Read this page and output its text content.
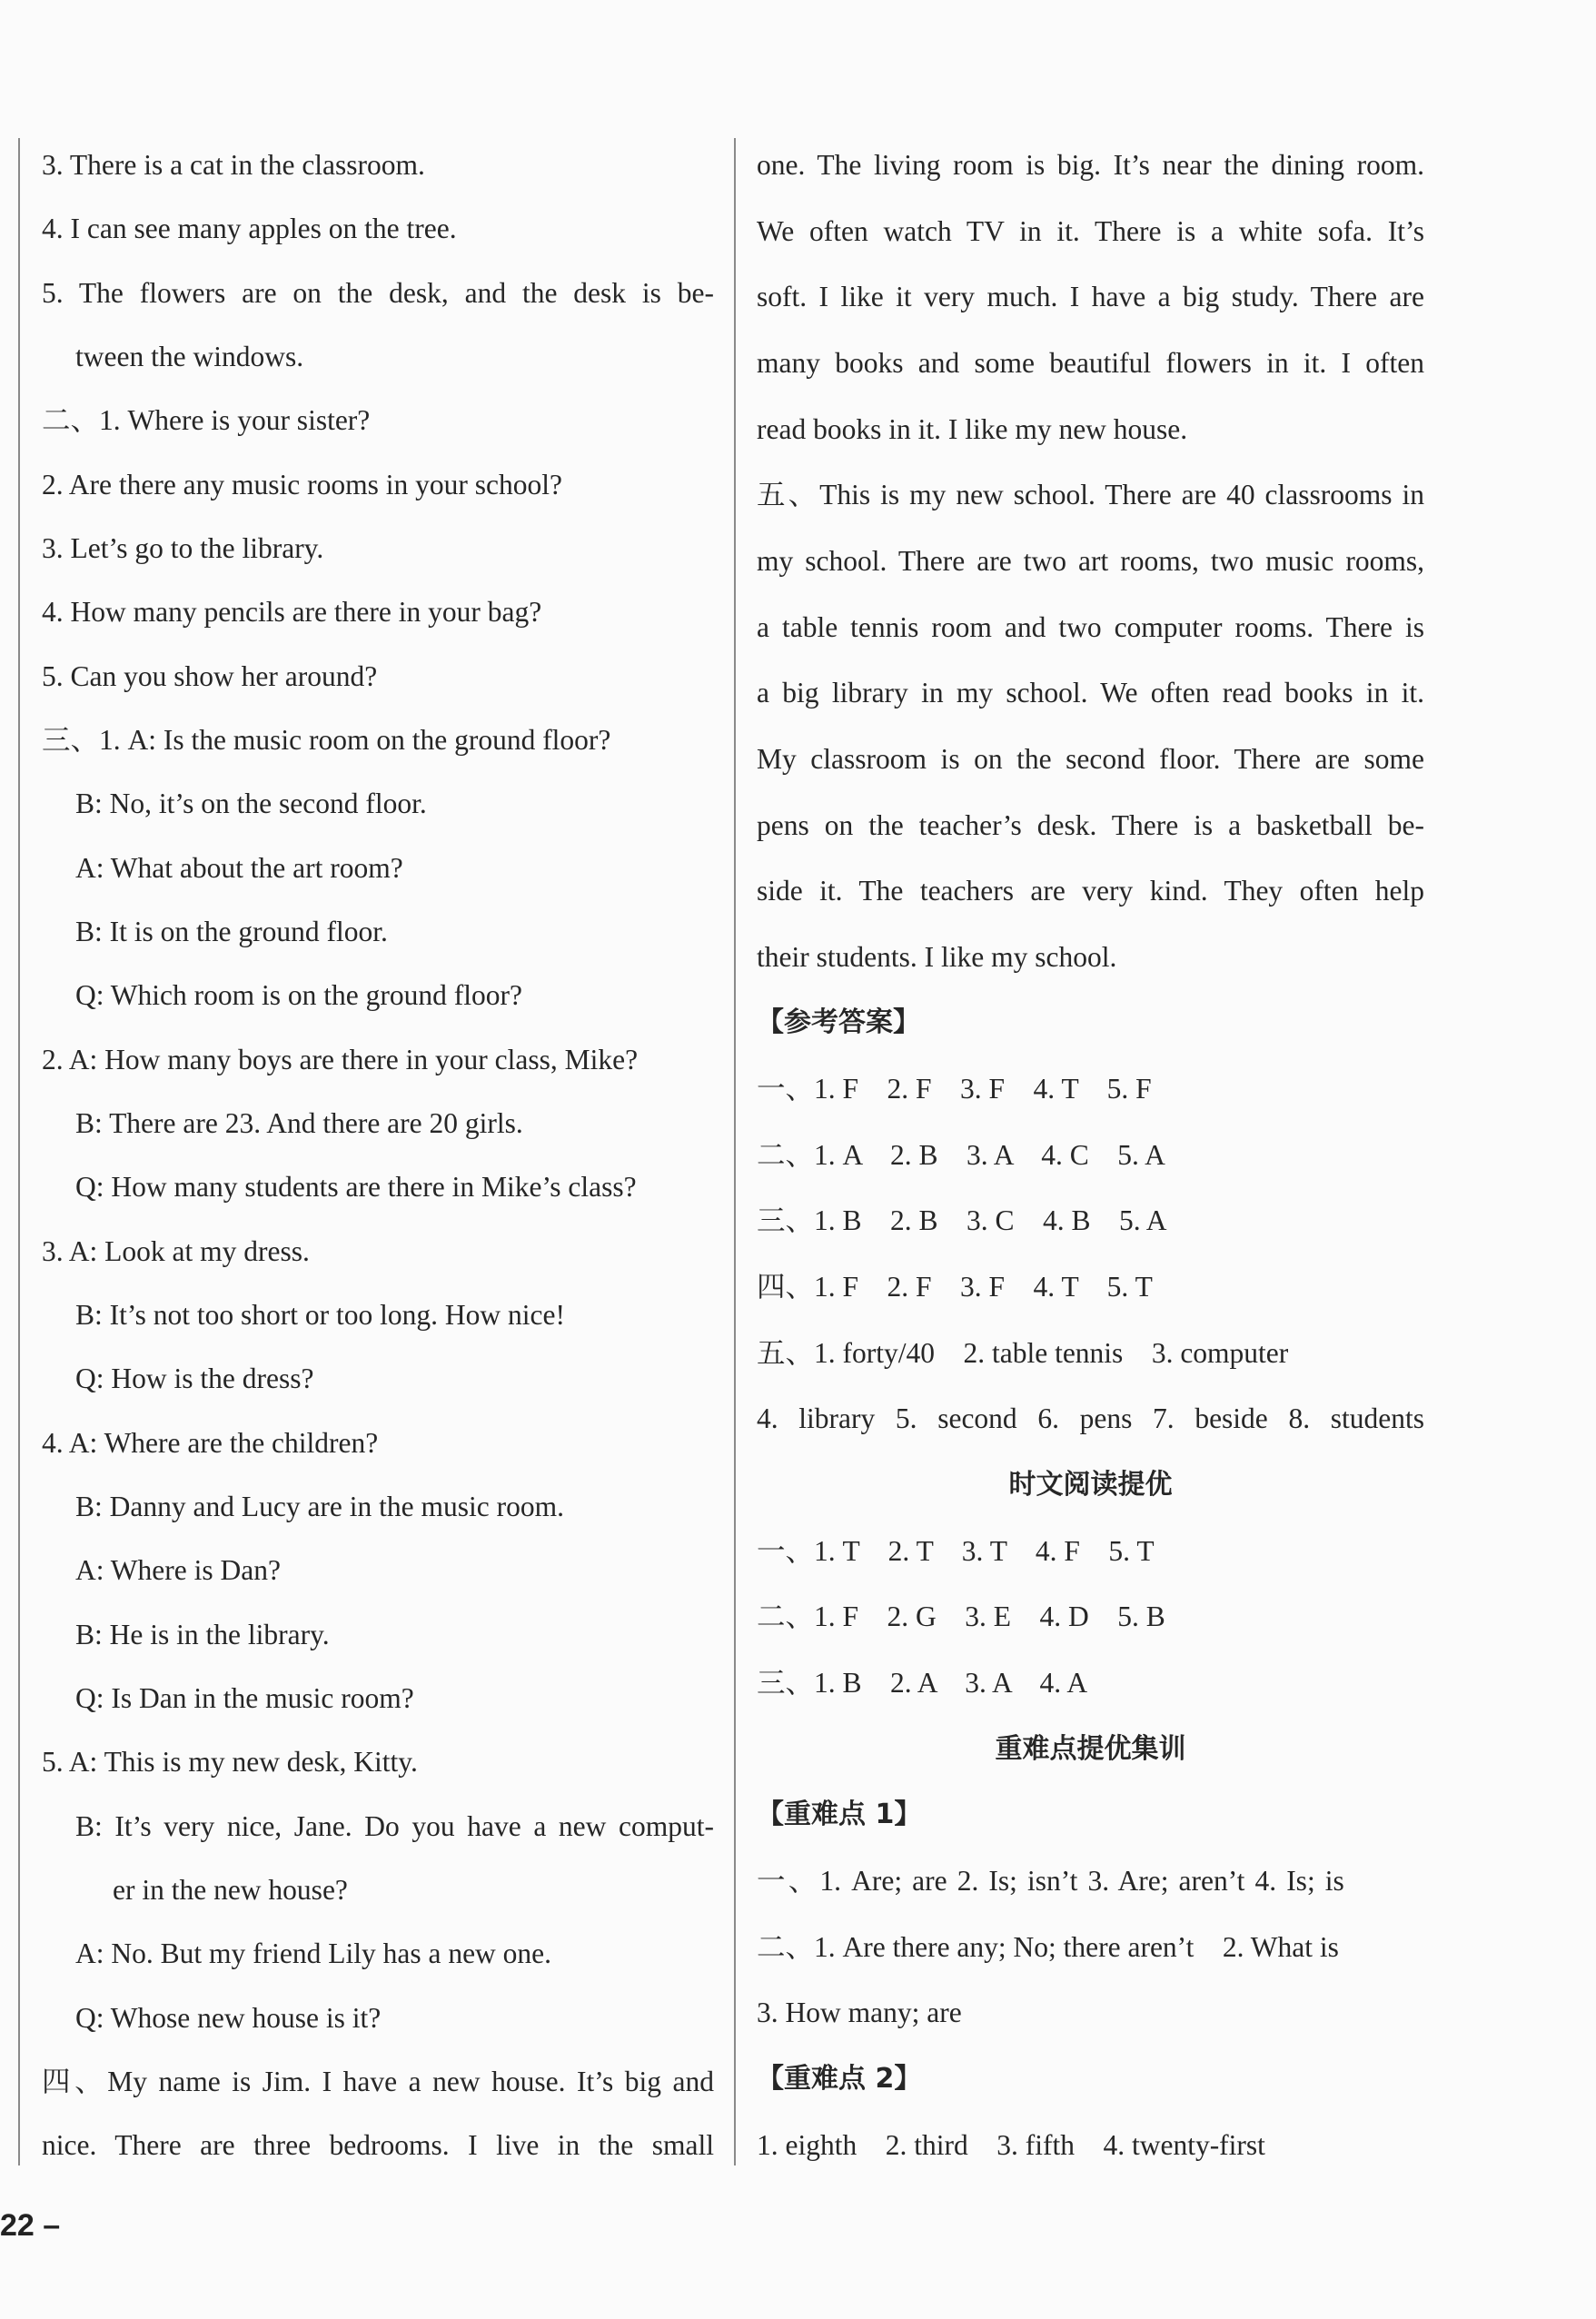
3. There is a cat in the classroom.
4. I can see many apples on the tree.
5. The flowers are on the desk, and the desk is be-
tween the windows.
二、1. Where is your sister?
2. Are there any music rooms in your school?
3. Let’s go to the library.
4. How many pencils are there in your bag?
5. Can you show her around?
三、1. A: Is the music room on the ground floor?
B: No, it’s on the second floor.
A: What about the art room?
B: It is on the ground floor.
Q: Which room is on the ground floor?
2. A: How many boys are there in your class, Mike?
B: There are 23. And there are 20 girls.
Q: How many students are there in Mike’s class?
3. A: Look at my dress.
B: It’s not too short or too long. How nice!
Q: How is the dress?
4. A: Where are the children?
B: Danny and Lucy are in the music room.
A: Where is Dan?
B: He is in the library.
Q: Is Dan in the music room?
5. A: This is my new desk, Kitty.
B: It’s very nice, Jane. Do you have a new comput-
er in the new house?
A: No. But my friend Lily has a new one.
Q: Whose new house is it?
四、My name is Jim. I have a new house. It’s big and
nice. There are three bedrooms. I live in the small
one. The living room is big. It’s near the dining room.
We often watch TV in it. There is a white sofa. It’s
soft. I like it very much. I have a big study. There are
many books and some beautiful flowers in it. I often
read books in it. I like my new house.
五、This is my new school. There are 40 classrooms in
my school. There are two art rooms, two music rooms,
a table tennis room and two computer rooms. There is
a big library in my school. We often read books in it.
My classroom is on the second floor. There are some
pens on the teacher’s desk. There is a basketball be-
side it. The teachers are very kind. They often help
their students. I like my school.
【参考答案】
一、1. F    2. F    3. F    4. T    5. F
二、1. A    2. B    3. A    4. C    5. A
三、1. B    2. B    3. C    4. B    5. A
四、1. F    2. F    3. F    4. T    5. T
五、1. forty/40    2. table tennis    3. computer
4. library 5. second 6. pens 7. beside 8. students
时文阅读提优
一、1. T    2. T    3. T    4. F    5. T
二、1. F    2. G    3. E    4. D    5. B
三、1. B    2. A    3. A    4. A
重难点提优集训
【重难点 1】
一、1. Are; are 2. Is; isn’t 3. Are; aren’t 4. Is; is
二、1. Are there any; No; there aren’t    2. What is
3. How many; are
【重难点 2】
1. eighth    2. third    3. fifth    4. twenty-first
22 –
